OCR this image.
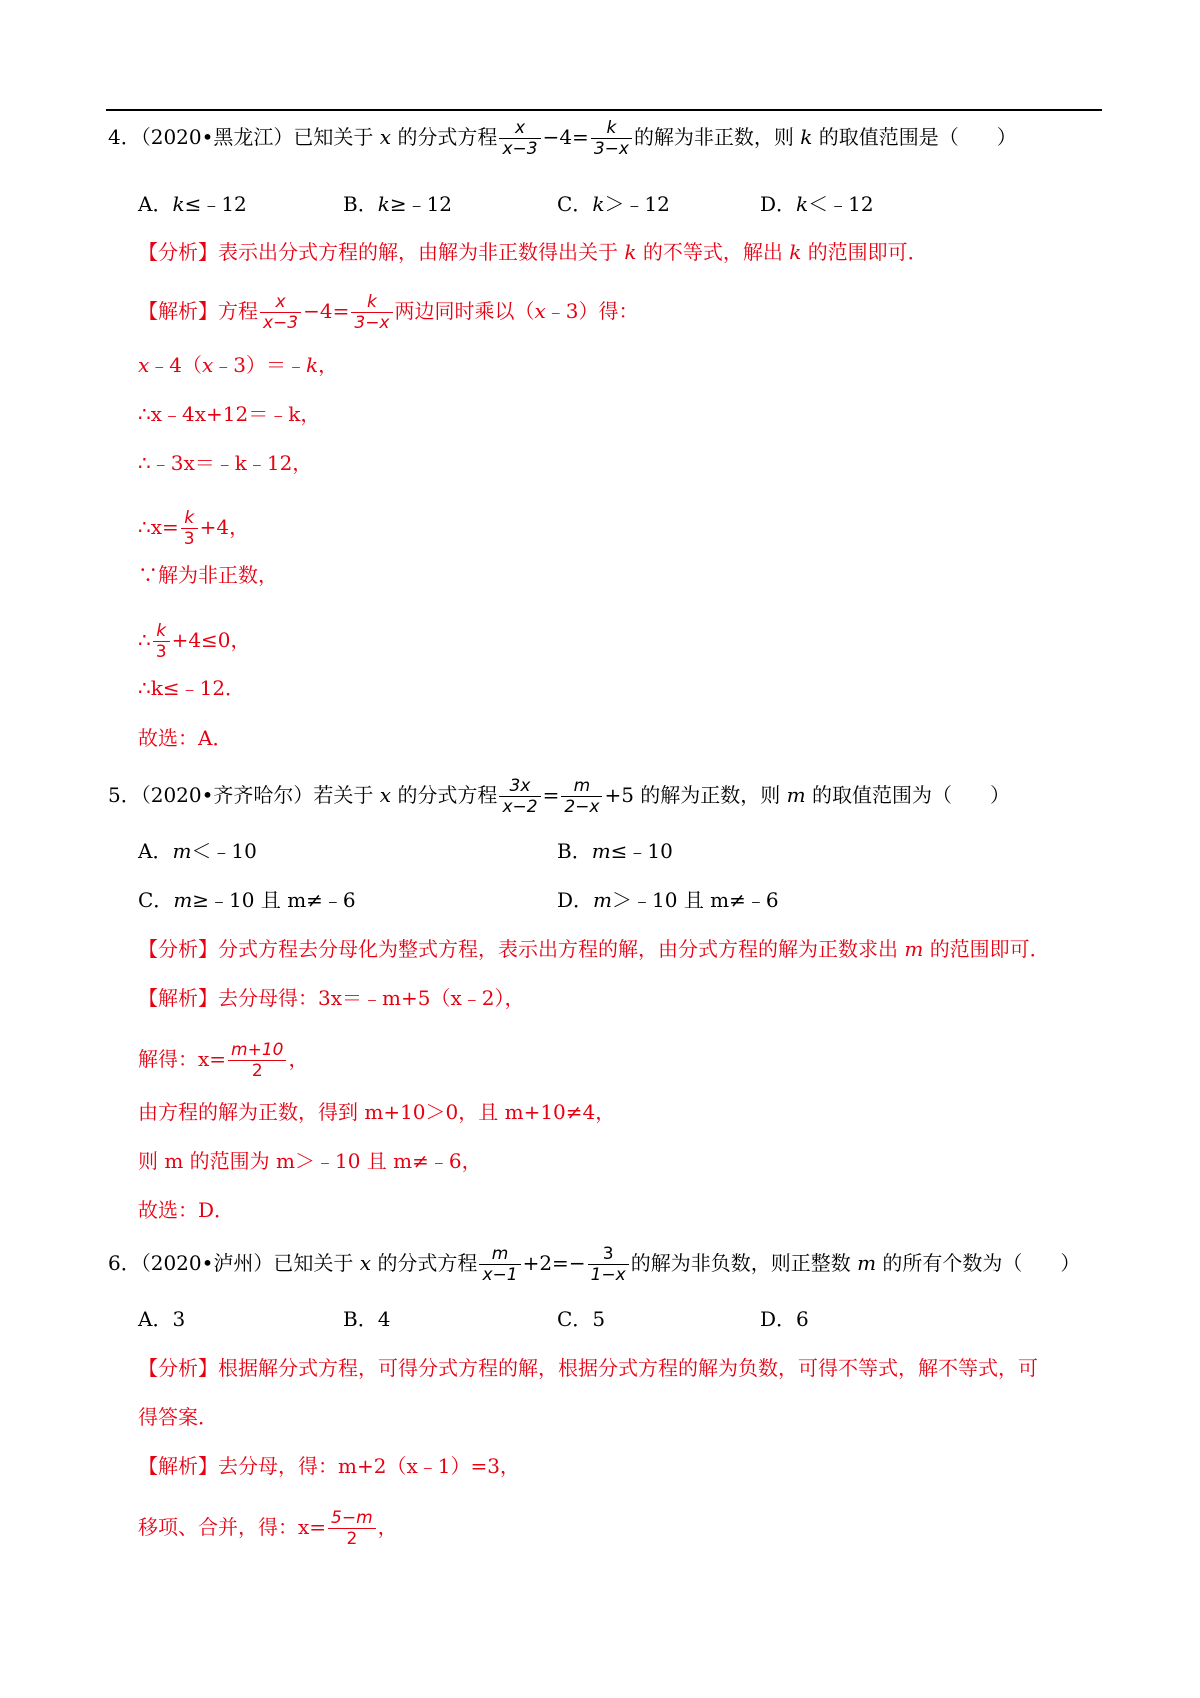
4．（2020•黑龙江）已知关于 x 的分式方程 $\frac{x}{x-3} -4= \frac{k}{3-x}$ 的解为非正数，则 k 的取值范围是（ ）
A．k≤﹣12	B．k≥﹣12	C．k＞﹣12	D．k＜﹣12
【分析】表示出分式方程的解，由解为非正数得出关于 k 的不等式，解出 k 的范围即可．
【解析】方程 $\frac{x}{x-3} -4= \frac{k}{3-x}$ 两边同时乘以（x﹣3）得：
x﹣4（x﹣3）＝﹣k，
∴x﹣4x+12＝﹣k，
∴﹣3x＝﹣k﹣12，
∴x= $\frac{k}{3} +4$，
∵解为非正数，
∴ $\frac{k}{3} +4\le 0$，
∴k≤﹣12．
故选：A．
5．（2020•齐齐哈尔）若关于 x 的分式方程 $\frac{3x}{x-2} = \frac{m}{2-x} +5$ 的解为正数，则 m 的取值范围为（ ）
A．m＜﹣10	B．m≤﹣10
C．m≥﹣10 且 m≠﹣6	D．m＞﹣10 且 m≠﹣6
【分析】分式方程去分母化为整式方程，表示出方程的解，由分式方程的解为正数求出 m 的范围即可．
【解析】去分母得：3x＝﹣m+5（x﹣2），
解得：$x= \frac{m+10}{2}$ ，
由方程的解为正数，得到 m+10＞0，且 m+10≠4，
则 m 的范围为 m＞﹣10 且 m≠﹣6，
故选：D．
6．（2020•泸州）已知关于 x 的分式方程 $\frac{m}{x-1} +2=- \frac{3}{1-x}$ 的解为非负数，则正整数 m 的所有个数为（ ）
A．3	B．4	C．5	D．6
【分析】根据解分式方程，可得分式方程的解，根据分式方程的解为负数，可得不等式，解不等式，可
得答案．
【解析】去分母，得：m+2（x﹣1）=3，
移项、合并，得：$x= \frac{5-m}{2}$ ，
